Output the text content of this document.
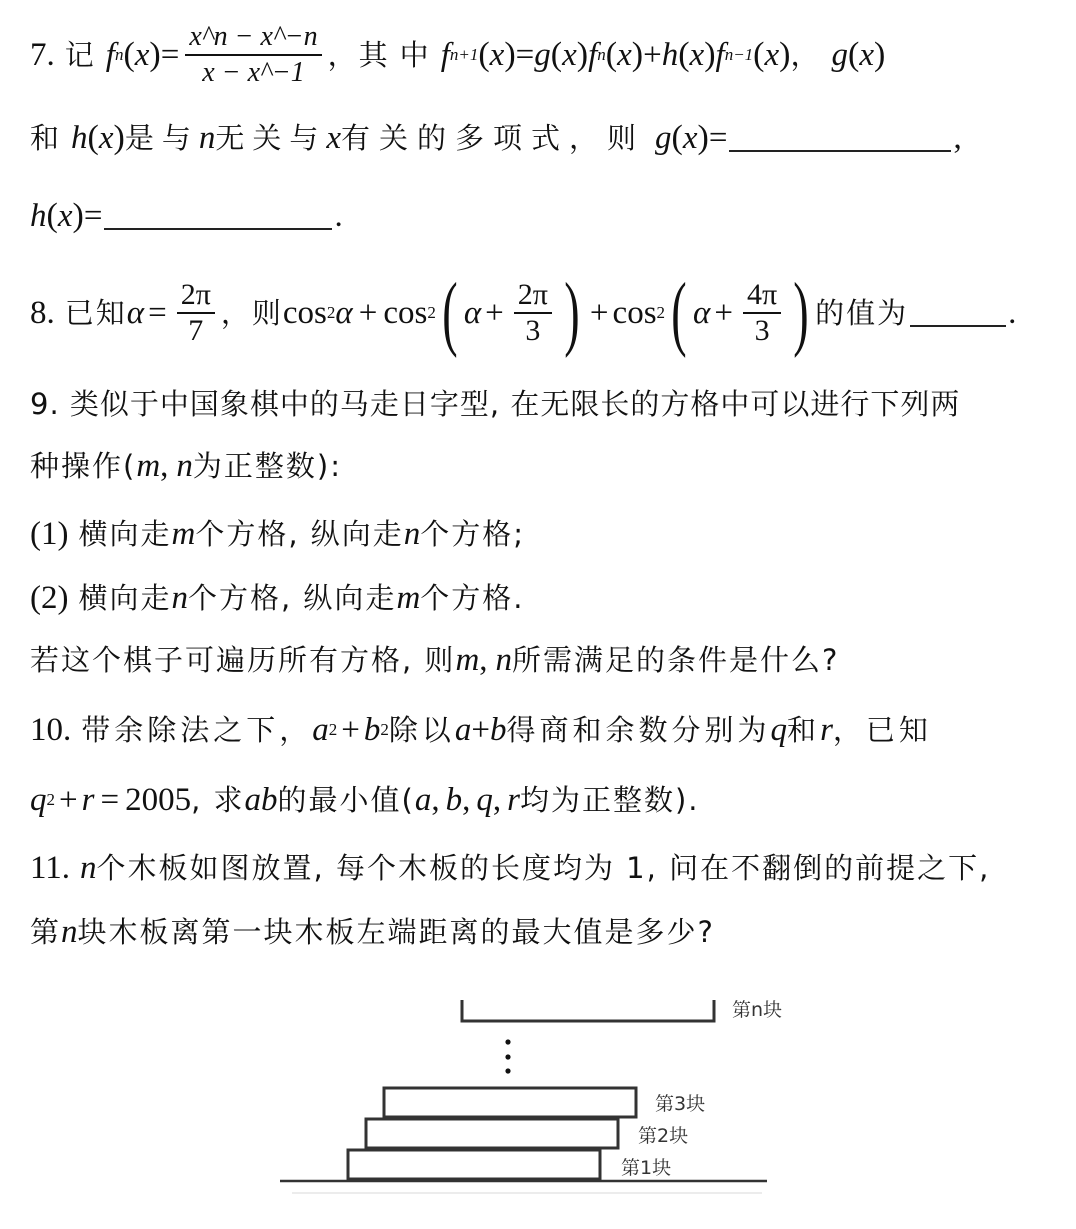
7. 记 f n ( x ) = $\frac{x\^{}n - x\^{}-n}{x - x\^{}-1}$ ， 其中 f n+1 ( x ) = g ( x ) f n ( x ) + h ( x ) f n−1 ( x ) ， g ( x )
和 h ( x ) 是与 n 无关与 x 有关的多项式，则 g ( x ) =	,
h ( x ) =	.
8. 已知 $\alpha = \frac{2\pi}{7}$ ，则 cos 2 α + cos 2 ( $\alpha + \frac{2\pi}{3}$ ) + cos 2 ( $\alpha + \frac{4\pi}{3}$ ) 的值为	.
9. 类似于中国象棋中的马走日字型, 在无限长的方格中可以进行下列两
种操作( m , n 为正整数):
(1) 横向走 m 个方格, 纵向走 n 个方格;
(2) 横向走 n 个方格, 纵向走 m 个方格.
若这个棋子可遍历所有方格, 则 m , n 所需满足的条件是什么?
10. 带余除法之下， a 2 + b 2 除以 a + b 得商和余数分别为 q 和 r ，已知
q 2 + r = 2005 , 求 a b 的最小值( a , b , q , r 均为正整数).
11. n 个木板如图放置, 每个木板的长度均为 1, 问在不翻倒的前提之下,
第 n 块木板离第一块木板左端距离的最大值是多少?
第n块
第3块
第2块
第1块
